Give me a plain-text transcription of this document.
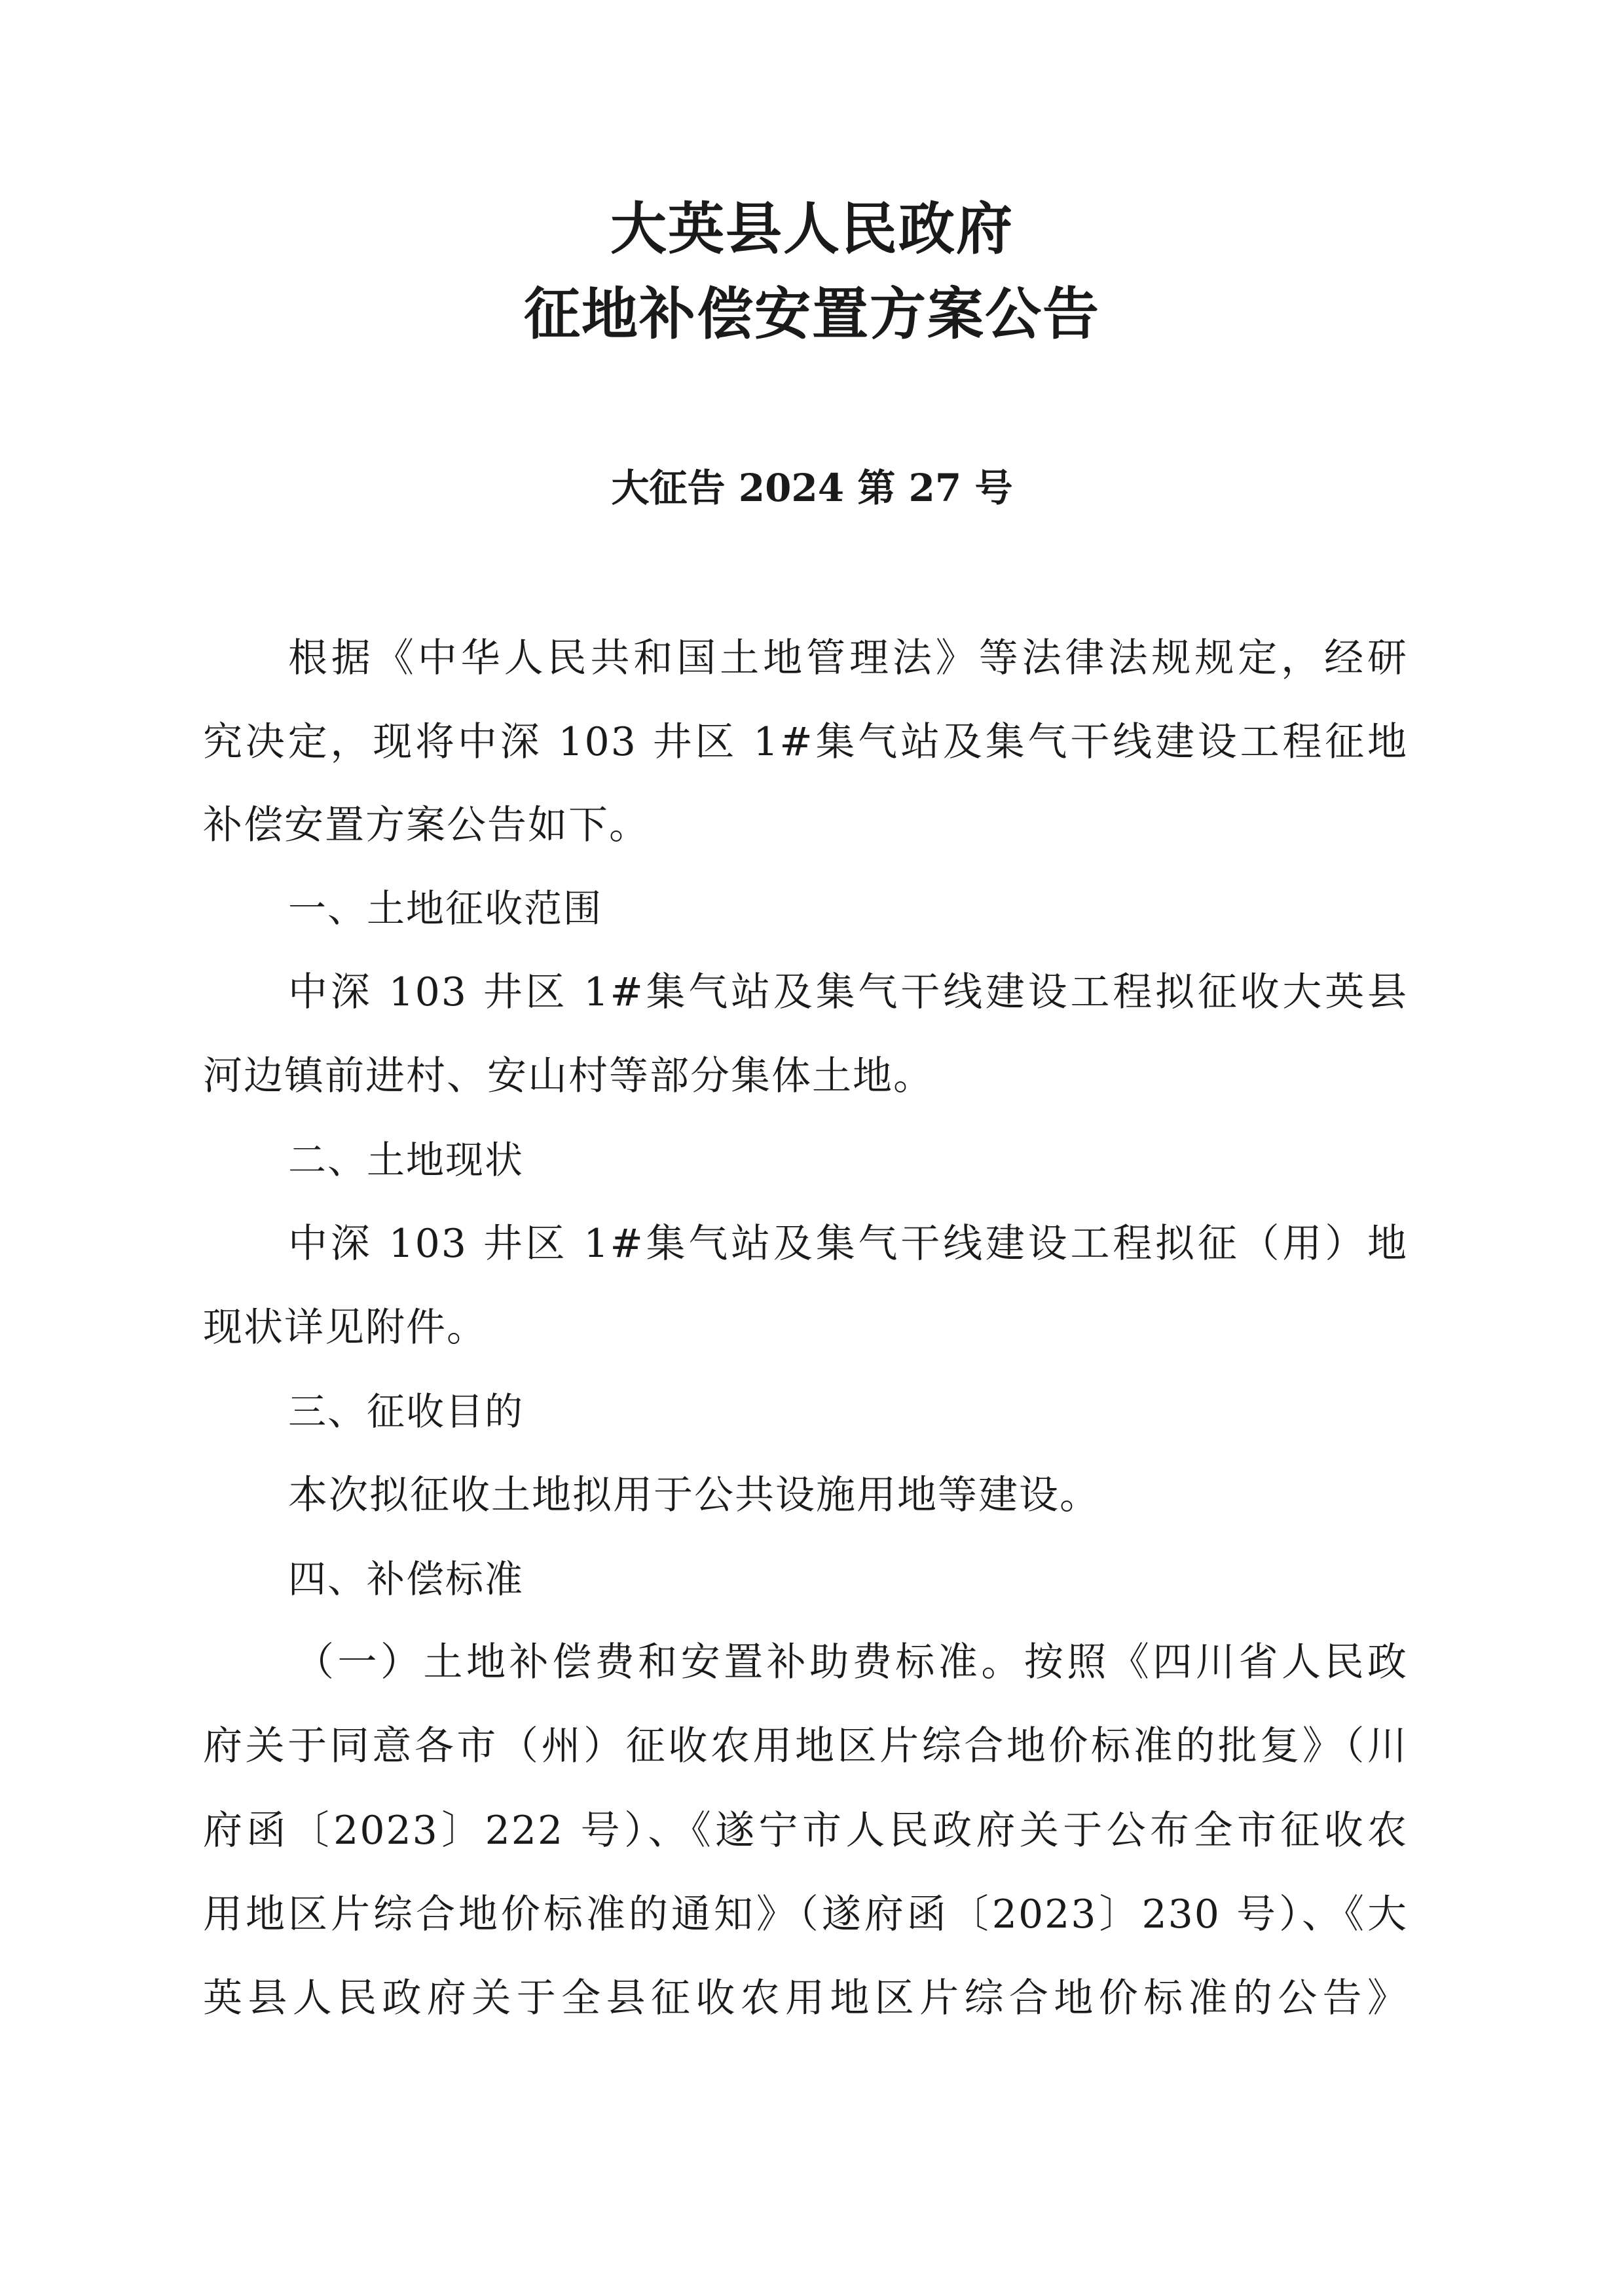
大英县人民政府
征地补偿安置方案公告
大征告 2024 第 27 号
根据《中华人民共和国土地管理法》等法律法规规定，经研
究决定，现将中深 103 井区 1#集气站及集气干线建设工程征地
补偿安置方案公告如下。
一、土地征收范围
中深 103 井区 1#集气站及集气干线建设工程拟征收大英县
河边镇前进村、安山村等部分集体土地。
二、土地现状
中深 103 井区 1#集气站及集气干线建设工程拟征（用）地
现状详见附件。
三、征收目的
本次拟征收土地拟用于公共设施用地等建设。
四、补偿标准
（一）土地补偿费和安置补助费标准。按照《四川省人民政
府关于同意各市（州）征收农用地区片综合地价标准的批复》（川
府函〔2023〕222 号）、《遂宁市人民政府关于公布全市征收农
用地区片综合地价标准的通知》（遂府函〔2023〕230 号）、《大
英县人民政府关于全县征收农用地区片综合地价标准的公告》
